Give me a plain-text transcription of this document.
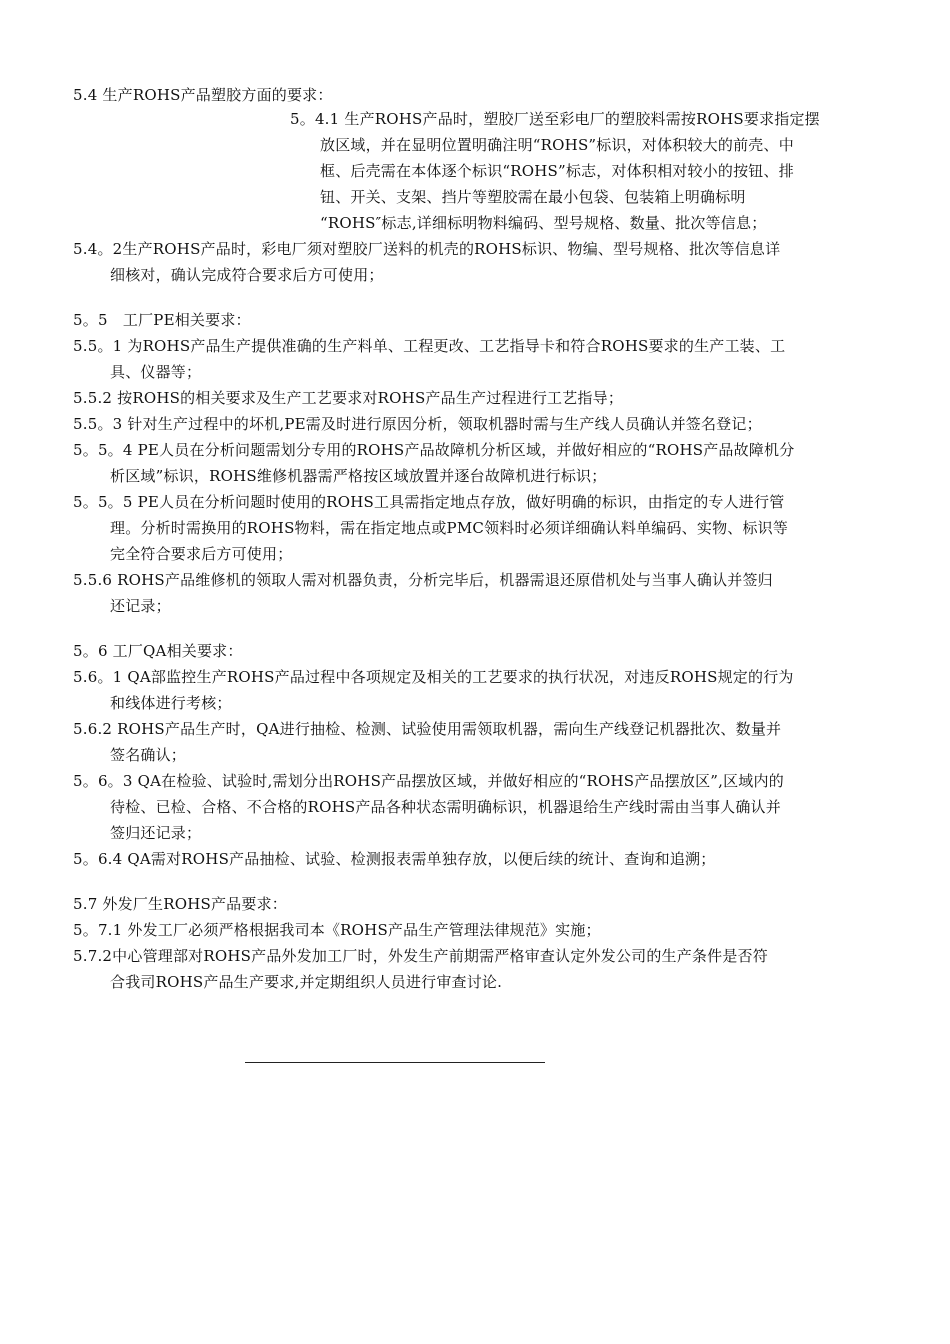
5.4 生产ROHS产品塑胶方面的要求：
5。4.1 生产ROHS产品时，塑胶厂送至彩电厂的塑胶料需按ROHS要求指定摆
放区域，并在显明位置明确注明“ROHS”标识，对体积较大的前壳、中
框、后壳需在本体逐个标识“ROHS”标志，对体积相对较小的按钮、排
钮、开关、支架、挡片等塑胶需在最小包袋、包装箱上明确标明
“ROHS″标志,详细标明物料编码、型号规格、数量、批次等信息；
5.4。2生产ROHS产品时，彩电厂须对塑胶厂送料的机壳的ROHS标识、物编、型号规格、批次等信息详
细核对，确认完成符合要求后方可使用；
5。5　工厂PE相关要求：
5.5。1 为ROHS产品生产提供准确的生产料单、工程更改、工艺指导卡和符合ROHS要求的生产工装、工
具、仪器等；
5.5.2 按ROHS的相关要求及生产工艺要求对ROHS产品生产过程进行工艺指导；
5.5。3 针对生产过程中的坏机,PE需及时进行原因分析，领取机器时需与生产线人员确认并签名登记；
5。5。4 PE人员在分析问题需划分专用的ROHS产品故障机分析区域，并做好相应的“ROHS产品故障机分
析区域”标识，ROHS维修机器需严格按区域放置并逐台故障机进行标识；
5。5。5 PE人员在分析问题时使用的ROHS工具需指定地点存放，做好明确的标识，由指定的专人进行管
理。分析时需换用的ROHS物料，需在指定地点或PMC领料时必须详细确认料单编码、实物、标识等
完全符合要求后方可使用；
5.5.6 ROHS产品维修机的领取人需对机器负责，分析完毕后，机器需退还原借机处与当事人确认并签归
还记录；
5。6 工厂QA相关要求：
5.6。1 QA部监控生产ROHS产品过程中各项规定及相关的工艺要求的执行状况，对违反ROHS规定的行为
和线体进行考核；
5.6.2 ROHS产品生产时，QA进行抽检、检测、试验使用需领取机器，需向生产线登记机器批次、数量并
签名确认；
5。6。3 QA在检验、试验时,需划分出ROHS产品摆放区域，并做好相应的“ROHS产品摆放区”,区域内的
待检、已检、合格、不合格的ROHS产品各种状态需明确标识，机器退给生产线时需由当事人确认并
签归还记录；
5。6.4 QA需对ROHS产品抽检、试验、检测报表需单独存放，以便后续的统计、查询和追溯；
5.7 外发厂生ROHS产品要求：
5。7.1 外发工厂必须严格根据我司本《ROHS产品生产管理法律规范》实施；
5.7.2中心管理部对ROHS产品外发加工厂时，外发生产前期需严格审查认定外发公司的生产条件是否符
合我司ROHS产品生产要求,并定期组织人员进行审查讨论.
